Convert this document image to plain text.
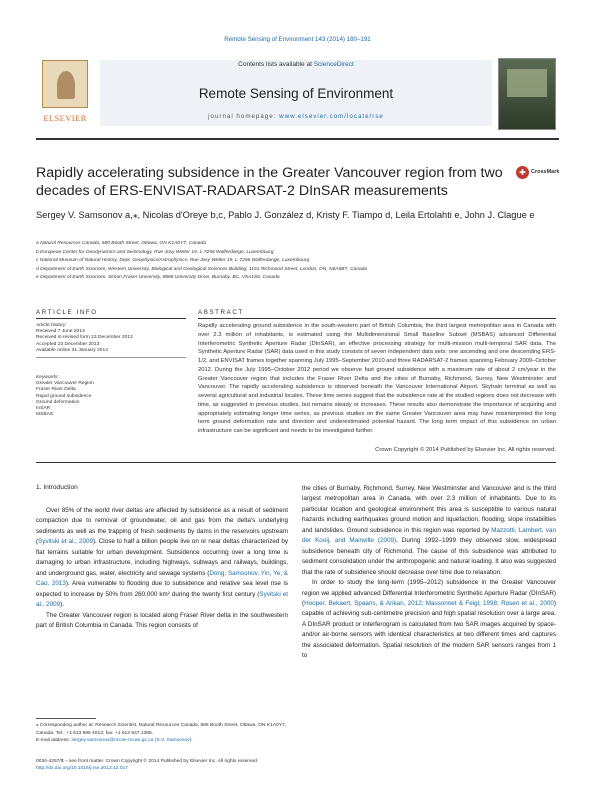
Remote Sensing of Environment 143 (2014) 180–191
ELSEVIER
Contents lists available at ScienceDirect
Remote Sensing of Environment
journal homepage: www.elsevier.com/locate/rse
Rapidly accelerating subsidence in the Greater Vancouver region from two decades of ERS-ENVISAT-RADARSAT-2 DInSAR measurements
✚ CrossMark
Sergey V. Samsonov a,⁎, Nicolas d'Oreye b,c, Pablo J. González d, Kristy F. Tiampo d, Leila Ertolahti e, John J. Clague e
a Natural Resources Canada, 580 Booth Street, Ottawa, ON K1A0Y7, Canada
b European Center for Geodynamics and Seismology, Rue Josy Welter 19, L-7256 Walferdange, Luxembourg
c National Museum of Natural History, Dept. Geophysics/Astrophysics, Rue Josy Welter 19, L-7256 Walferdange, Luxembourg
d Department of Earth Sciences, Western University, Biological and Geological Sciences Building, 1151 Richmond Street, London, ON, N6A5B7, Canada
e Department of Earth Sciences, Simon Fraser University, 8888 University Drive, Burnaby, BC, V5A1S6, Canada
ARTICLE INFO	ABSTRACT
Article history:
Received 7 June 2013
Received in revised form 23 December 2013
Accepted 23 December 2013
Available online 31 January 2014
Keywords:
Greater Vancouver Region
Fraser River Delta
Rapid ground subsidence
Ground deformation
InSAR
MSBAS
Rapidly accelerating ground subsidence in the south-western part of British Columbia, the third largest metropolitan area in Canada with over 2.3 million of inhabitants, is estimated using the Multidimensional Small Baseline Subset (MSBAS) advanced Differential Interferometric Synthetic Aperture Radar (DInSAR), an effective processing strategy for multi-mission multi-temporal SAR data. The Synthetic Aperture Radar (SAR) data used in this study consists of seven independent data sets: one ascending and one descending ERS-1/2, and ENVISAT frames together spanning July 1995–September 2010 and three RADARSAT-2 frames spanning February 2009–October 2012. During the July 1995–October 2012 period we observe fast ground subsidence with a maximum rate of about 2 cm/year in the Greater Vancouver region that includes the Fraser River Delta and the cities of Burnaby, Richmond, Surrey, New Westminster and Vancouver. The rapidly accelerating subsidence is observed beneath the Vancouver International Airport. Skytrain terminal as well as several agricultural and industrial locales. These time series suggest that the subsidence rate at the studied regions does not decrease with time, as suggested in previous studies, but remains steady or increases. These results also demonstrate the importance of acquiring and appropriately estimating longer time series, as previous studies on the same Greater Vancouver area may have misinterpreted the long term ground deformation rate and direction and underestimated potential hazard. The long term impact of this subsidence on urban infrastructure can be significant and needs to be investigated further.
Crown Copyright © 2014 Published by Elsevier Inc. All rights reserved.
1. Introduction

Over 85% of the world river deltas are affected by subsidence as a result of sediment compaction due to removal of groundwater, oil and gas from the delta's underlying sediments as well as the trapping of fresh sediments by dams in the reservoirs upstream (Syvitski et al., 2009). Close to half a billion people live on or near deltas characterized by flat terrains suitable for urban development. Subsidence occurring over a long time is damaging to urban infrastructure, including highways, subways and railways, buildings, and underground gas, water, electricity and sewage systems (Dong, Samsonov, Yin, Ye, & Cao, 2013). Area vulnerable to flooding due to subsidence and relative sea level rise is expected to increase by 50% from 260,000 km² during the twenty first century (Syvitski et al., 2009).

The Greater Vancouver region is located along Fraser River delta in the southwestern part of British Columbia in Canada. This region consists of

the cities of Burnaby, Richmond, Surrey, New Westminster and Vancouver and is the third largest metropolitan area in Canada, with over 2.3 million of inhabitants. Due to its particular location and geological environment this area is susceptible to various natural hazards including earthquakes ground motion and liquefaction, flooding, slope instabilities and landslides. Ground subsidence in this region was reported by Mazzotti, Lambert, van der Kooij, and Mainville (2009). During 1992–1999 they observed slow, widespread subsidence beneath city of Richmond. The cause of this subsidence was attributed to sediment consolidation under the anthropogenic and natural loading. It also was suggested that the rate of subsidence should decrease over time due to relaxation.

In order to study the long-term (1995–2012) subsidence in the Greater Vancouver region we applied advanced Differential Interferometric Synthetic Aperture Radar (DInSAR) (Hooper, Bekaert, Spaans, & Arikan, 2012; Massonnet & Feigl, 1998; Rosen et al., 2000) capable of achieving sub-centimetre precision and high spatial resolution over a large area. A DInSAR product or interferogram is calculated from two SAR images acquired by space- and/or air-borne sensors with identical characteristics at two different times and captures the associated deformation. Spatial resolution of the modern SAR sensors ranges from 1 to

⁎ Corresponding author at: Research Scientist, Natural Resources Canada, 588 Booth Street, Ottawa, ON K1A0Y7, Canada. Tel.: +1 613 995 4013; fax: +1 613 947 1385.
E-mail address: sergey.samsonov@nrcan-rncan.gc.ca (S.V. Samsonov).
0034-4257/$ – see front matter. Crown Copyright © 2014 Published by Elsevier Inc. All rights reserved.
http://dx.doi.org/10.1016/j.rse.2013.12.017
